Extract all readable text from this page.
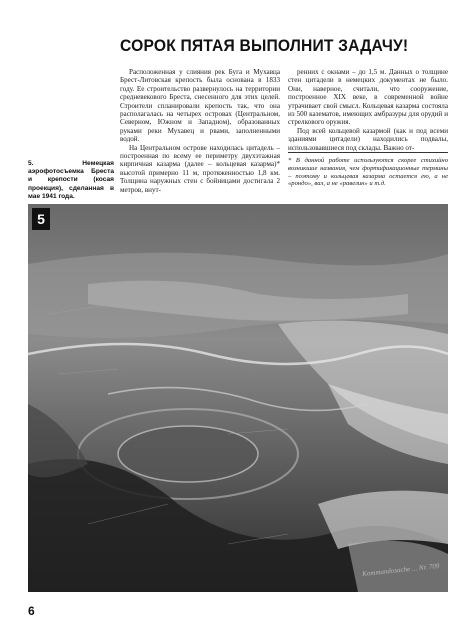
СОРОК ПЯТАЯ ВЫПОЛНИТ ЗАДАЧУ!

Расположенная у слияния рек Буга и Мухавца Брест-Литовская крепость была основана в 1833 году. Ее строительство развернулось на территории средневекового Бреста, снесенного для этих целей. Строители спланировали крепость так, что она располагалась на четырех островах (Центральном, Северном, Южном и Западном), образованных руками реки Мухавец и рвами, заполненными водой.

На Центральном острове находилась цитадель – построенная по всему ее периметру двухэтажная кирпичная казарма (далее – кольцевая казарма)* высотой примерно 11 м, протяженностью 1,8 км. Толщина наружных стен с бойницами достигала 2 метров, внут-

ренних с окнами – до 1,5 м. Данных о толщине стен цитадели в немецких документах не было. Они, наверное, считали, что сооружение, построенное XIX веке, в современной войне утрачивает свой смысл. Кольцевая казарма состояла из 500 казематов, имеющих амбразуры для орудий и стрелкового оружия.

Под всей кольцевой казармой (как и под всеми зданиями цитадели) находились подвалы, использовавшиеся под склады. Важно от-

* В данной работе используются скорее стихийно возникшие названия, чем фортификационные термины – поэтому и кольцевая казарма остается ею, а не «рондо», вал, а не «равелин» и т.д.

5. Немецкая аэрофотосъемка Бреста и крепости (косая проекция), сделанная в мае 1941 года.
5
Kommandosache ... Nr. 709
6
